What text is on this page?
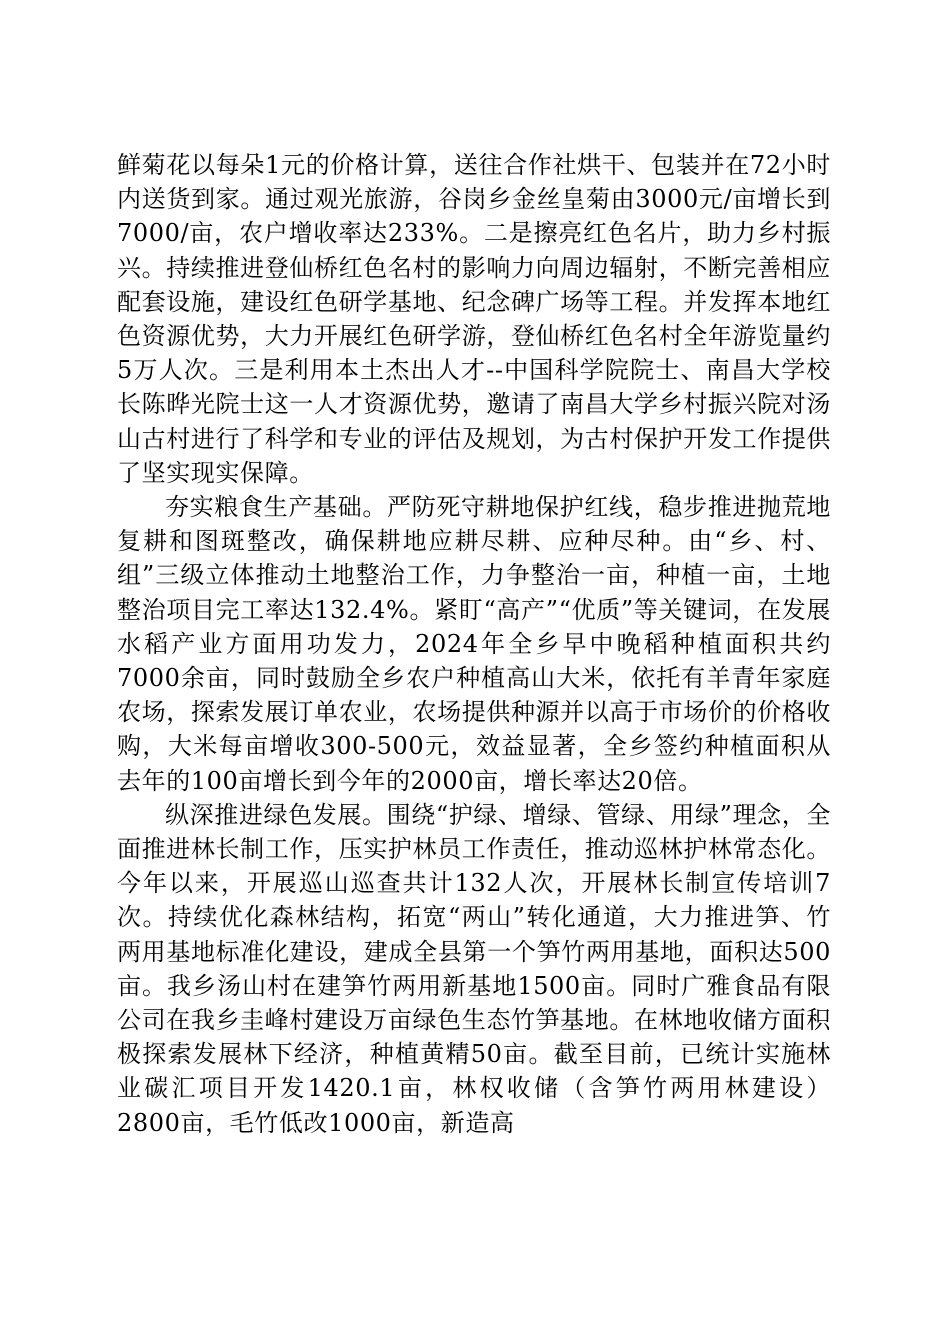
鲜菊花以每朵1元的价格计算，送往合作社烘干、包装并在72小时内送货到家。通过观光旅游，谷岗乡金丝皇菊由3000元/亩增长到7000/亩，农户增收率达233%。二是擦亮红色名片，助力乡村振兴。持续推进登仙桥红色名村的影响力向周边辐射，不断完善相应配套设施，建设红色研学基地、纪念碑广场等工程。并发挥本地红色资源优势，大力开展红色研学游，登仙桥红色名村全年游览量约5万人次。三是利用本土杰出人才--中国科学院院士、南昌大学校长陈晔光院士这一人才资源优势，邀请了南昌大学乡村振兴院对汤山古村进行了科学和专业的评估及规划，为古村保护开发工作提供了坚实现实保障。

夯实粮食生产基础。严防死守耕地保护红线，稳步推进抛荒地复耕和图斑整改，确保耕地应耕尽耕、应种尽种。由“乡、村、组”三级立体推动土地整治工作，力争整治一亩，种植一亩，土地整治项目完工率达132.4%。紧盯“高产”“优质”等关键词，在发展水稻产业方面用功发力，2024年全乡早中晚稻种植面积共约7000余亩，同时鼓励全乡农户种植高山大米，依托有羊青年家庭农场，探索发展订单农业，农场提供种源并以高于市场价的价格收购，大米每亩增收300-500元，效益显著，全乡签约种植面积从去年的100亩增长到今年的2000亩，增长率达20倍。

纵深推进绿色发展。围绕“护绿、增绿、管绿、用绿”理念，全面推进林长制工作，压实护林员工作责任，推动巡林护林常态化。今年以来，开展巡山巡查共计132人次，开展林长制宣传培训7次。持续优化森林结构，拓宽“两山”转化通道，大力推进笋、竹两用基地标准化建设，建成全县第一个笋竹两用基地，面积达500亩。我乡汤山村在建笋竹两用新基地1500亩。同时广雅食品有限公司在我乡圭峰村建设万亩绿色生态竹笋基地。在林地收储方面积极探索发展林下经济，种植黄精50亩。截至目前，已统计实施林业碳汇项目开发1420.1亩，林权收储（含笋竹两用林建设）2800亩，毛竹低改1000亩，新造高
